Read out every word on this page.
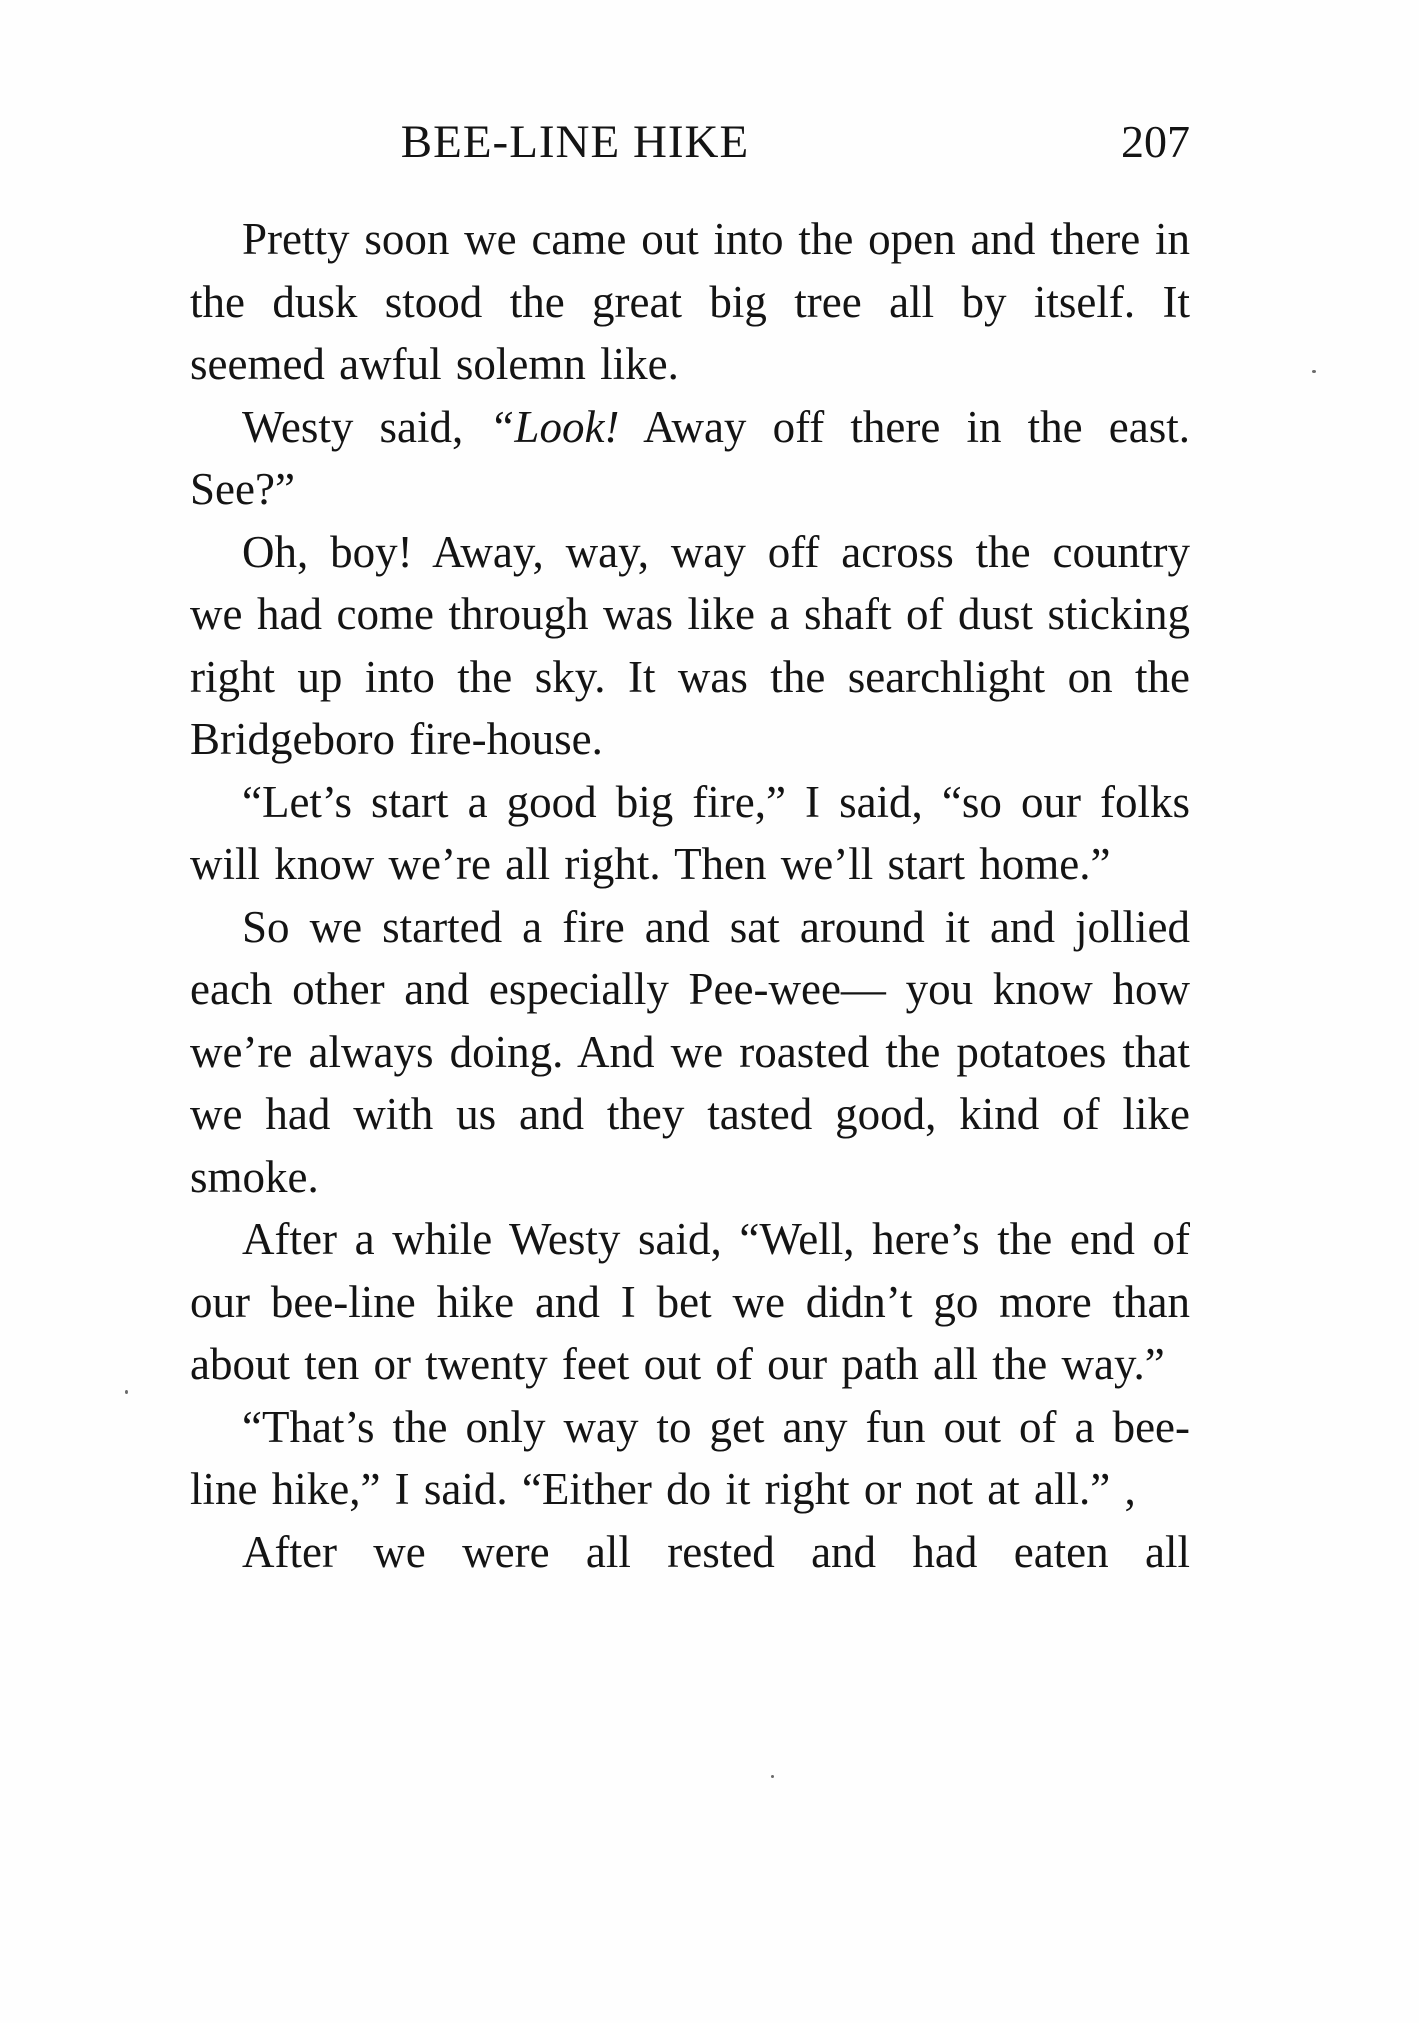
BEE-LINE HIKE	207

Pretty soon we came out into the open and there in the dusk stood the great big tree all by itself. It seemed awful solemn like.

Westy said, “Look! Away off there in the east. See?”

Oh, boy! Away, way, way off across the country we had come through was like a shaft of dust sticking right up into the sky. It was the searchlight on the Bridgeboro fire-house.

“Let’s start a good big fire,” I said, “so our folks will know we’re all right. Then we’ll start home.”

So we started a fire and sat around it and jollied each other and especially Pee-wee— you know how we’re always doing. And we roasted the potatoes that we had with us and they tasted good, kind of like smoke.

After a while Westy said, “Well, here’s the end of our bee-line hike and I bet we didn’t go more than about ten or twenty feet out of our path all the way.”

“That’s the only way to get any fun out of a bee-line hike,” I said. “Either do it right or not at all.” ,

After we were all rested and had eaten all
